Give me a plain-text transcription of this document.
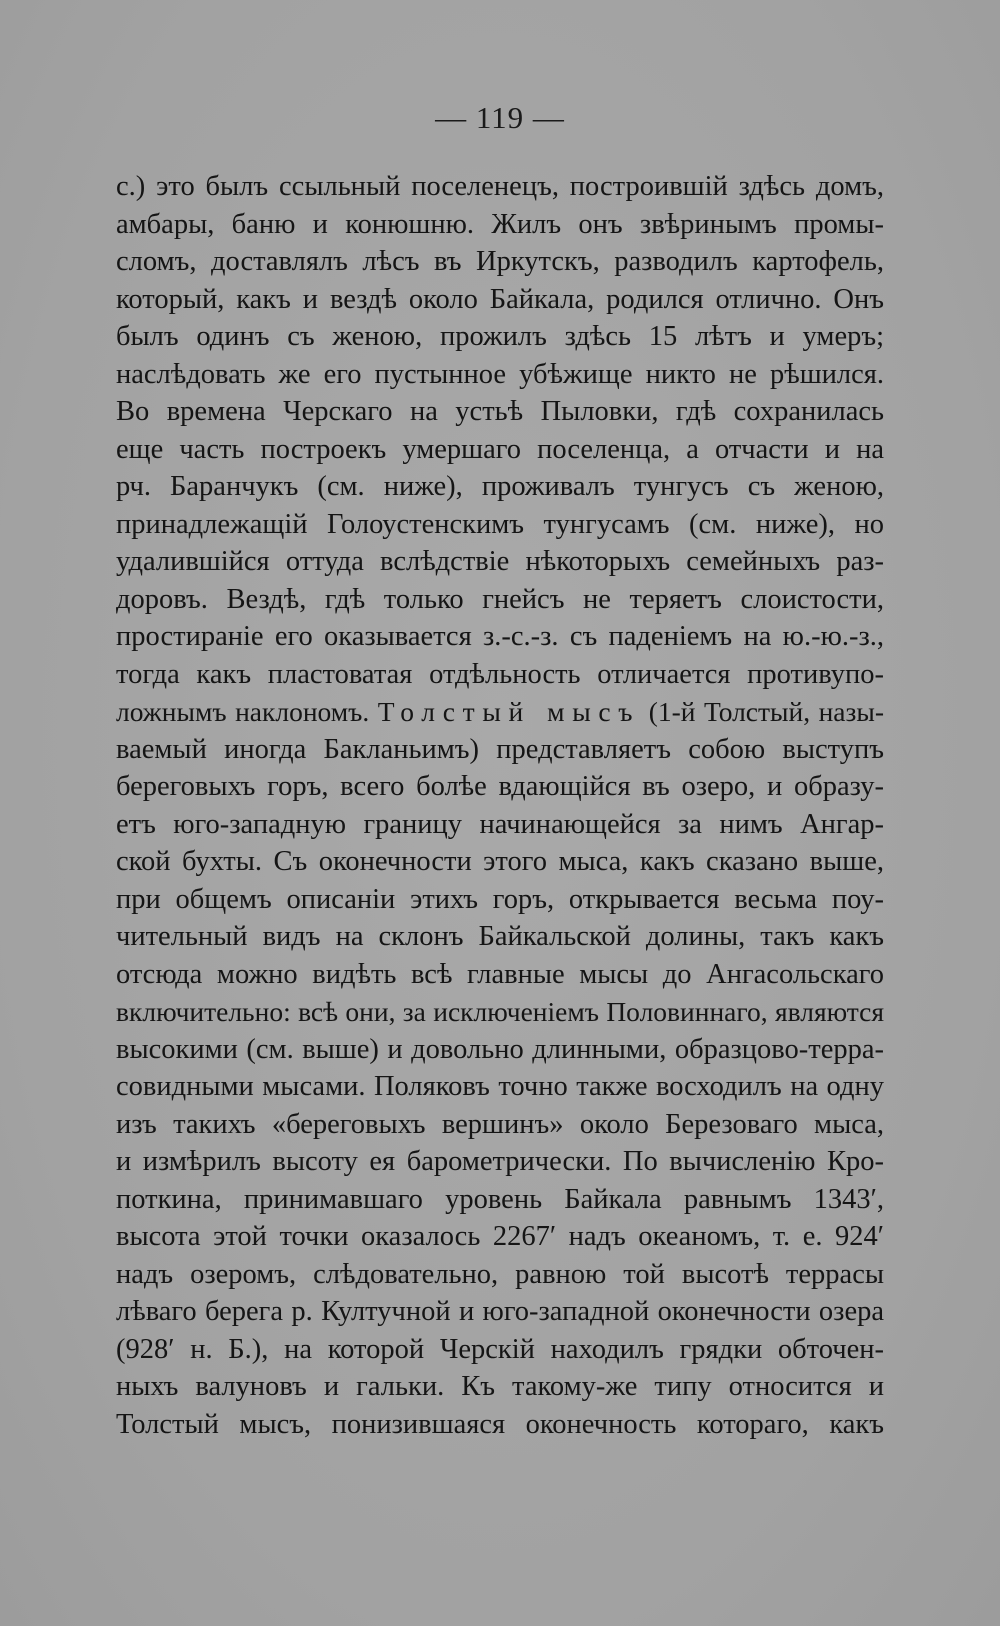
— 119 —
с.) это былъ ссыльный поселенецъ, построившій здѣсь домъ,
амбары, баню и конюшню. Жилъ онъ звѣринымъ промы-
сломъ, доставлялъ лѣсъ въ Иркутскъ, разводилъ картофель,
который, какъ и вездѣ около Байкала, родился отлично. Онъ
былъ одинъ съ женою, прожилъ здѣсь 15 лѣтъ и умеръ;
наслѣдовать же его пустынное убѣжище никто не рѣшился.
Во времена Черскаго на устьѣ Пыловки, гдѣ сохранилась
еще часть построекъ умершаго поселенца, а отчасти и на
рч. Баранчукъ (см. ниже), проживалъ тунгусъ съ женою,
принадлежащій Голоустенскимъ тунгусамъ (см. ниже), но
удалившійся оттуда вслѣдствіе нѣкоторыхъ семейныхъ раз-
доровъ. Вездѣ, гдѣ только гнейсъ не теряетъ слоистости,
простираніе его оказывается з.-с.-з. съ паденіемъ на ю.-ю.-з.,
тогда какъ пластоватая отдѣльность отличается противупо-
ложнымъ наклономъ. Толстый мысъ (1-й Толстый, назы-
ваемый иногда Бакланьимъ) представляетъ собою выступъ
береговыхъ горъ, всего болѣе вдающійся въ озеро, и образу-
етъ юго-западную границу начинающейся за нимъ Ангар-
ской бухты. Съ оконечности этого мыса, какъ сказано выше,
при общемъ описаніи этихъ горъ, открывается весьма поу-
чительный видъ на склонъ Байкальской долины, такъ какъ
отсюда можно видѣть всѣ главные мысы до Ангасольскаго
включительно: всѣ они, за исключеніемъ Половиннаго, являются
высокими (см. выше) и довольно длинными, образцово-терра-
совидными мысами. Поляковъ точно также восходилъ на одну
изъ такихъ «береговыхъ вершинъ» около Березоваго мыса,
и измѣрилъ высоту ея барометрически. По вычисленію Кро-
поткина, принимавшаго уровень Байкала равнымъ 1343′,
высота этой точки оказалось 2267′ надъ океаномъ, т. е. 924′
надъ озеромъ, слѣдовательно, равною той высотѣ террасы
лѣваго берега р. Култучной и юго-западной оконечности озера
(928′ н. Б.), на которой Черскій находилъ грядки обточен-
ныхъ валуновъ и гальки. Къ такому-же типу относится и
Толстый мысъ, понизившаяся оконечность котораго, какъ
